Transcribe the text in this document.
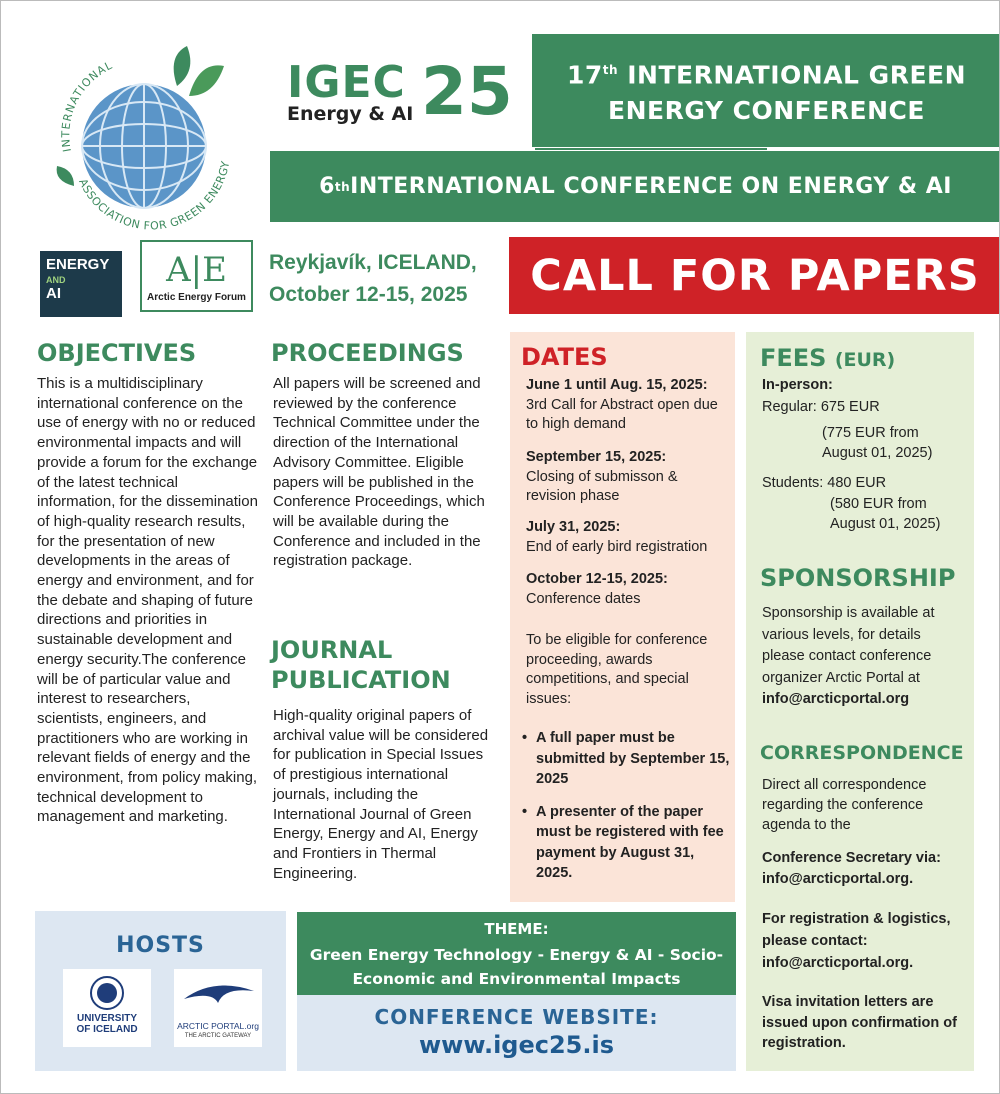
INTERNATIONAL
ASSOCIATION FOR GREEN ENERGY
IGEC
Energy & AI 25	17th INTERNATIONAL GREEN
ENERGY CONFERENCE
6 th INTERNATIONAL CONFERENCE ON ENERGY & AI
ENERGY
AND
AI
A|E
Arctic Energy Forum
Reykjavík, ICELAND,
October 12-15, 2025	CALL FOR PAPERS
OBJECTIVES
This is a multidisciplinary international conference on the use of energy with no or reduced environmental impacts and will provide a forum for the exchange of the latest technical information, for the dissemination of high-quality research results, for the presentation of new developments in the areas of energy and environment, and for the debate and shaping of future directions and priorities in sustainable development and energy security.The conference will be of particular value and interest to researchers, scientists, engineers, and practitioners who are working in relevant fields of energy and the environment, from policy making, technical development to management and marketing.
PROCEEDINGS
All papers will be screened and reviewed by the conference Technical Committee under the direction of the International Advisory Committee. Eligible papers will be published in the Conference Proceedings, which will be available during the Conference and included in the registration package.
JOURNAL
PUBLICATION
High-quality original papers of archival value will be considered for publication in Special Issues of prestigious international journals, including the International Journal of Green Energy, Energy and AI, Energy and Frontiers in Thermal Engineering.
DATES
June 1 until Aug. 15, 2025:
3rd Call for Abstract open due to high demand
September 15, 2025:
Closing of submisson & revision phase
July 31, 2025:
End of early bird registration
October 12-15, 2025:
Conference dates
To be eligible for conference proceeding, awards competitions, and special issues:
• A full paper must be submitted by September 15, 2025
• A presenter of the paper must be registered with fee payment by August 31, 2025.
FEES (EUR)
In-person:
Regular: 675 EUR
(775 EUR from
August 01, 2025)
Students: 480 EUR
(580 EUR from
August 01, 2025)
SPONSORSHIP
Sponsorship is available at various levels, for details please contact conference organizer Arctic Portal at
info@arcticportal.org
CORRESPONDENCE
Direct all correspondence regarding the conference agenda to the
Conference Secretary via: info@arcticportal.org.
For registration & logistics, please contact: info@arcticportal.org.
Visa invitation letters are issued upon confirmation of registration.
HOSTS
UNIVERSITY
OF ICELAND	ARCTIC PORTAL.org
THE ARCTIC GATEWAY
THEME:
Green Energy Technology - Energy & AI - Socio-Economic and Environmental Impacts
CONFERENCE WEBSITE:
www.igec25.is
